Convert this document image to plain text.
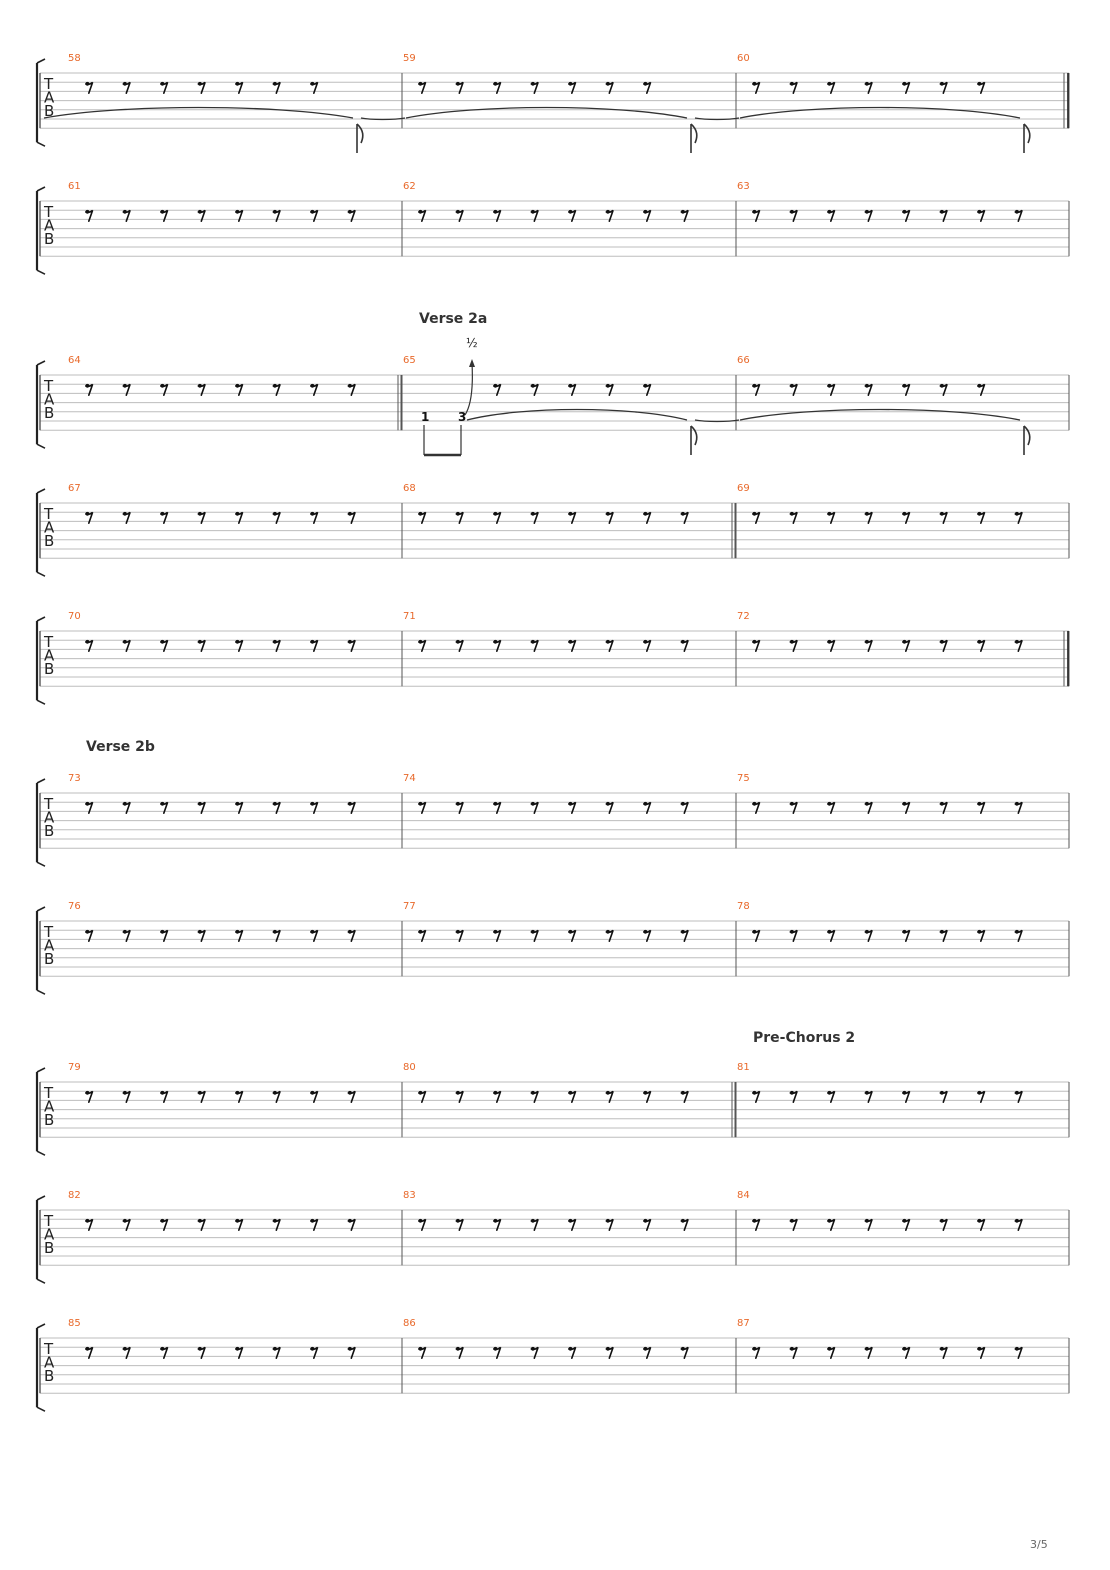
T
A
B
58	59	60
T
A
B
61	62	63
T
A
B
64	65
Verse 2a
1 3
½
66
T
A
B
67	68	69
T
A
B
70	71	72
T
A
B
73
Verse 2b
74	75
T
A
B
76	77	78
T
A
B
79	80	81
Pre-Chorus 2
T
A
B
82	83	84
T
A
B
85	86	87
3/5
